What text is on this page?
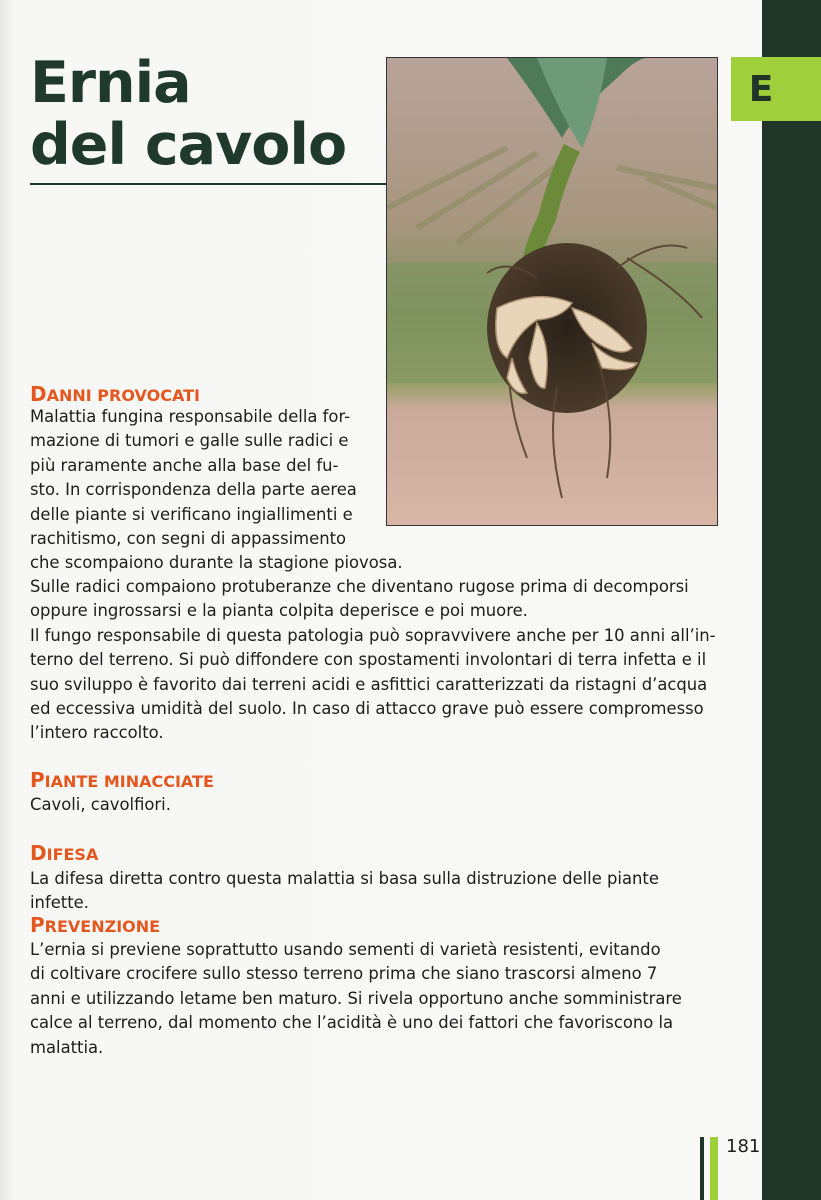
E
Ernia
del cavolo
DANNI PROVOCATI

Malattia fungina responsabile della for-

mazione di tumori e galle sulle radici e

più raramente anche alla base del fu-

sto. In corrispondenza della parte aerea

delle piante si verificano ingiallimenti e

rachitismo, con segni di appassimento

che scompaiono durante la stagione piovosa.

Sulle radici compaiono protuberanze che diventano rugose prima di decomporsi

oppure ingrossarsi e la pianta colpita deperisce e poi muore.

Il fungo responsabile di questa patologia può sopravvivere anche per 10 anni all’in-

terno del terreno. Si può diffondere con spostamenti involontari di terra infetta e il

suo sviluppo è favorito dai terreni acidi e asfittici caratterizzati da ristagni d’acqua

ed eccessiva umidità del suolo. In caso di attacco grave può essere compromesso

l’intero raccolto.

PIANTE MINACCIATE
Cavoli, cavolfiori.
DIFESA
La difesa diretta contro questa malattia si basa sulla distruzione delle piante infette.
PREVENZIONE

L’ernia si previene soprattutto usando sementi di varietà resistenti, evitando

di coltivare crocifere sullo stesso terreno prima che siano trascorsi almeno 7

anni e utilizzando letame ben maturo. Si rivela opportuno anche somministrare

calce al terreno, dal momento che l’acidità è uno dei fattori che favoriscono la

malattia.

181
